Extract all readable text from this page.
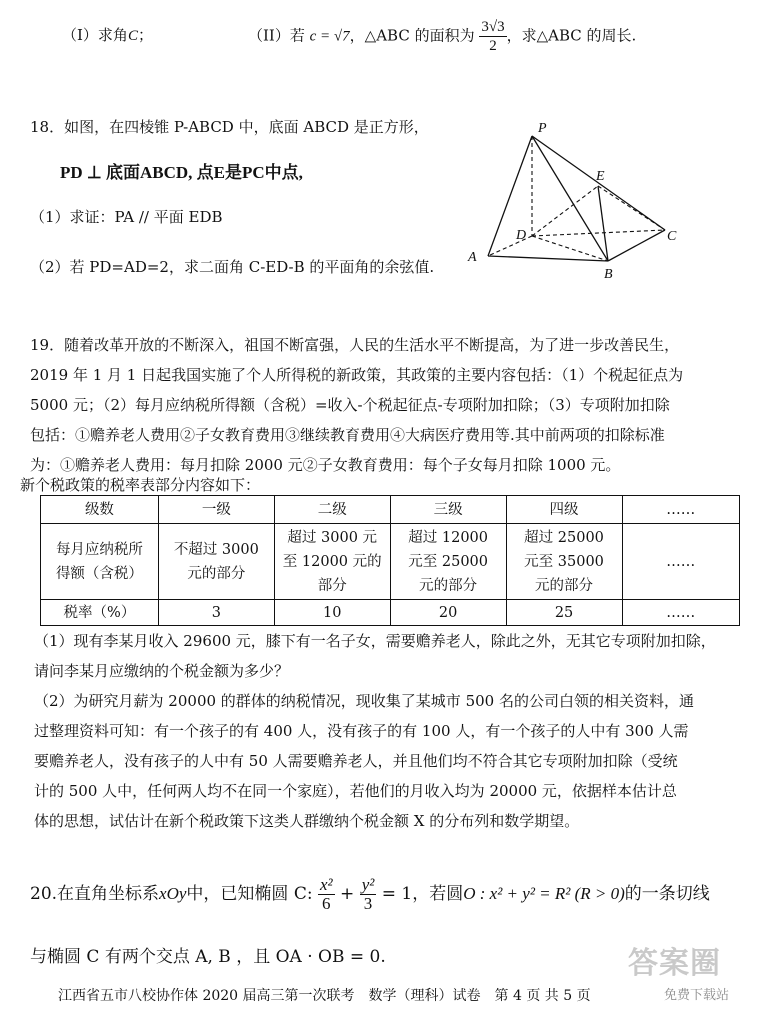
（I）求角C；	（II）若 c = √7，△ABC 的面积为 $\frac{3√3}{2}$ ，求△ABC 的周长.
18．如图，在四棱锥 P-ABCD 中，底面 ABCD 是正方形，
PD ⊥ 底面ABCD, 点E是PC中点,
（1）求证：PA // 平面 EDB
（2）若 PD=AD=2，求二面角 C-ED-B 的平面角的余弦值.
P
E
D	C
A
B
19．随着改革开放的不断深入，祖国不断富强，人民的生活水平不断提高，为了进一步改善民生，
2019 年 1 月 1 日起我国实施了个人所得税的新政策，其政策的主要内容包括：（1）个税起征点为
5000 元；（2）每月应纳税所得额（含税）=收入-个税起征点-专项附加扣除；（3）专项附加扣除
包括：①赡养老人费用②子女教育费用③继续教育费用④大病医疗费用等.其中前两项的扣除标准
为：①赡养老人费用：每月扣除 2000 元②子女教育费用：每个子女每月扣除 1000 元。
新个税政策的税率表部分内容如下：
级数	一级	二级	三级	四级	……

每月应纳税所得额（含税）	不超过 3000 元的部分	超过 3000 元至 12000 元的部分	超过 12000 元至 25000 元的部分	超过 25000 元至 35000 元的部分	……
税率（%）	3	10	20	25	……
（1）现有李某月收入 29600 元，膝下有一名子女，需要赡养老人，除此之外，无其它专项附加扣除，
请问李某月应缴纳的个税金额为多少？
（2）为研究月薪为 20000 的群体的纳税情况，现收集了某城市 500 名的公司白领的相关资料，通
过整理资料可知：有一个孩子的有 400 人，没有孩子的有 100 人，有一个孩子的人中有 300 人需
要赡养老人，没有孩子的人中有 50 人需要赡养老人，并且他们均不符合其它专项附加扣除（受统
计的 500 人中，任何两人均不在同一个家庭），若他们的月收入均为 20000 元，依据样本估计总
体的思想，试估计在新个税政策下这类人群缴纳个税金额 X 的分布列和数学期望。
20.在直角坐标系xOy中，已知椭圆 C: $\frac{\text{x²}}{6} + \frac{\text{y²}}{3} = 1$，若圆O : x² + y² = R² (R > 0)的一条切线
与椭圆 C 有两个交点 A, B ，且 OA · OB = 0.
江西省五市八校协作体 2020 届高三第一次联考　数学（理科）试卷　第 4 页 共 5 页
答案圈
免费下载站
